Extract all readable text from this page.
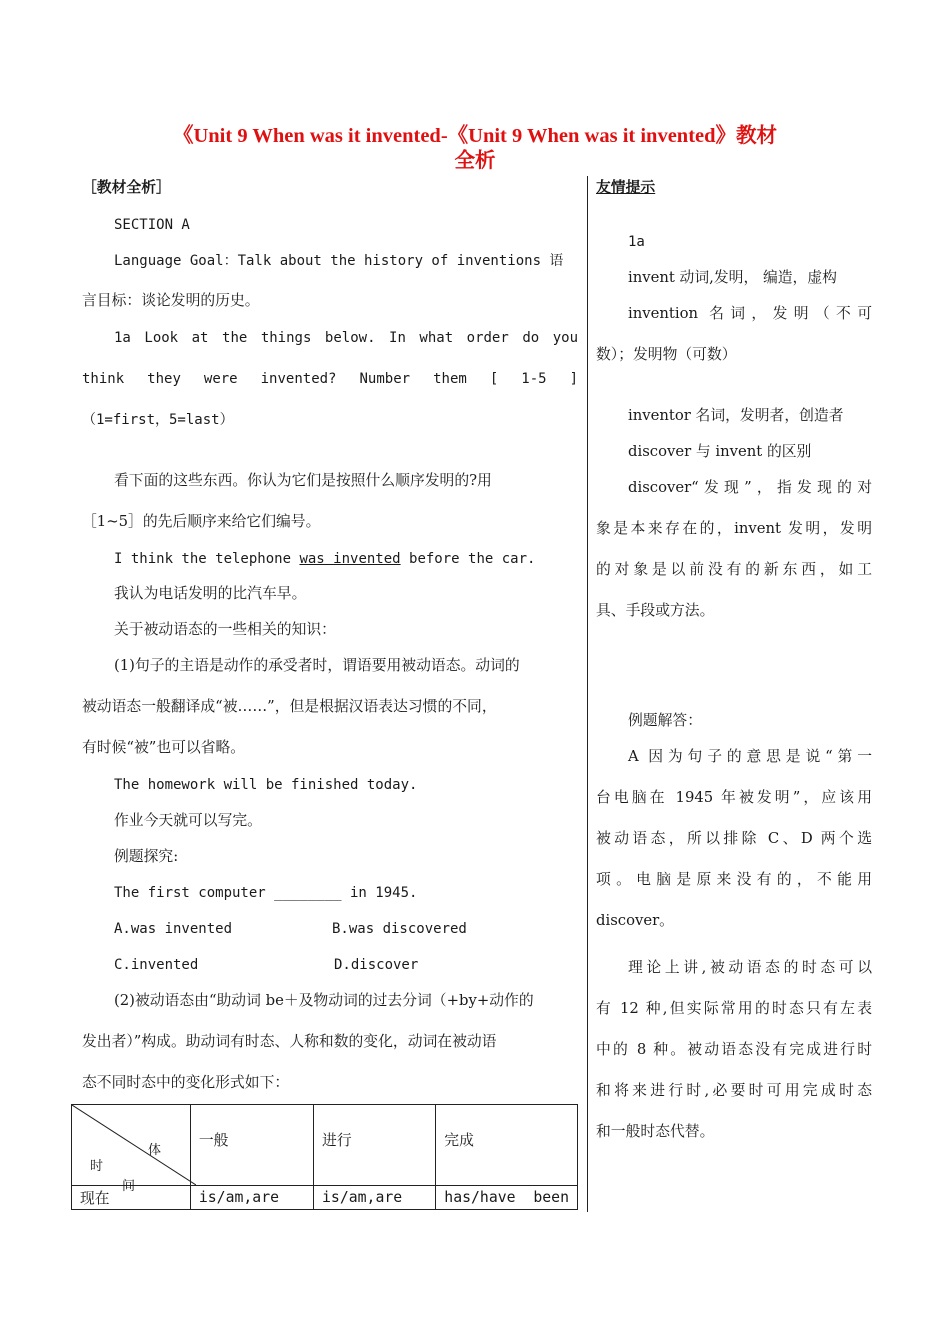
《Unit 9 When was it invented-《Unit 9 When was it invented》教材
全析
［教材全析］
SECTION A
Language Goal：Talk about the history of inventions 语
言目标：谈论发明的历史。
1a Look at the things below. In what order do you
think they were invented? Number them [ 1-5 ]
（1=first，5=last）
看下面的这些东西。你认为它们是按照什么顺序发明的?用
［1~5］的先后顺序来给它们编号。
I think the telephone was invented before the car.
我认为电话发明的比汽车早。
关于被动语态的一些相关的知识：
(1)句子的主语是动作的承受者时，谓语要用被动语态。动词的
被动语态一般翻译成“被……”，但是根据汉语表达习惯的不同，
有时候“被”也可以省略。
The homework will be finished today.
作业今天就可以写完。
例题探究:
The first computer ________ in 1945.
A.was invented	B.was discovered
C.invented	D.discover
(2)被动语态由“助动词 be＋及物动词的过去分词（+by+动作的
发出者）”构成。助动词有时态、人称和数的变化，动词在被动语
态不同时态中的变化形式如下：
体
时
间	一般	进行	完成
现在	is/am,are	is/am,are	has/have  been
友情提示
1a
invent 动词,发明， 编造，虚构
invention 名词，发明（不可
数）；发明物（可数）
inventor 名词，发明者，创造者
discover 与 invent 的区别
discover“发现”，指发现的对
象是本来存在的，invent 发明，发明
的对象是以前没有的新东西，如工
具、手段或方法。
例题解答：
A 因为句子的意思是说“第一
台电脑在 1945 年被发明”，应该用
被动语态，所以排除 C、D 两个选
项。电脑是原来没有的，不能用
discover。
理论上讲,被动语态的时态可以
有 12 种,但实际常用的时态只有左表
中的 8 种。被动语态没有完成进行时
和将来进行时,必要时可用完成时态
和一般时态代替。
